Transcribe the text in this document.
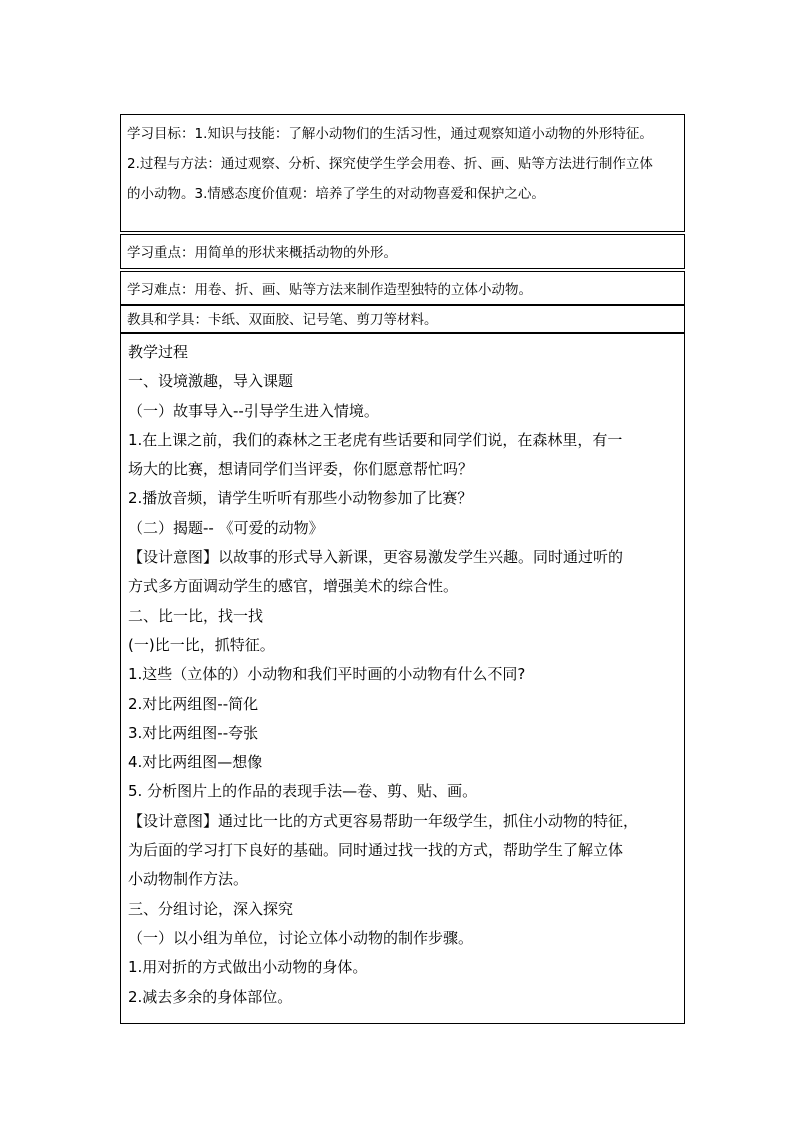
学习目标：1.知识与技能：了解小动物们的生活习性，通过观察知道小动物的外形特征。

2.过程与方法：通过观察、分析、探究使学生学会用卷、折、画、贴等方法进行制作立体

的小动物。3.情感态度价值观：培养了学生的对动物喜爱和保护之心。

学习重点：用简单的形状来概括动物的外形。

学习难点：用卷、折、画、贴等方法来制作造型独特的立体小动物。

教具和学具：卡纸、双面胶、记号笔、剪刀等材料。

教学过程

一、设境激趣，导入课题

（一）故事导入--引导学生进入情境。

1.在上课之前，我们的森林之王老虎有些话要和同学们说，在森林里，有一

场大的比赛，想请同学们当评委，你们愿意帮忙吗？

2.播放音频，请学生听听有那些小动物参加了比赛？

（二）揭题-- 《可爱的动物》

【设计意图】以故事的形式导入新课，更容易激发学生兴趣。同时通过听的

方式多方面调动学生的感官，增强美术的综合性。

二、比一比，找一找

(一)比一比，抓特征。

1.这些（立体的）小动物和我们平时画的小动物有什么不同?

2.对比两组图--简化

3.对比两组图--夸张

4.对比两组图—想像

5. 分析图片上的作品的表现手法—卷、剪、贴、画。

【设计意图】通过比一比的方式更容易帮助一年级学生，抓住小动物的特征，

为后面的学习打下良好的基础。同时通过找一找的方式，帮助学生了解立体

小动物制作方法。

三、分组讨论，深入探究

（一）以小组为单位，讨论立体小动物的制作步骤。

1.用对折的方式做出小动物的身体。

2.减去多余的身体部位。
